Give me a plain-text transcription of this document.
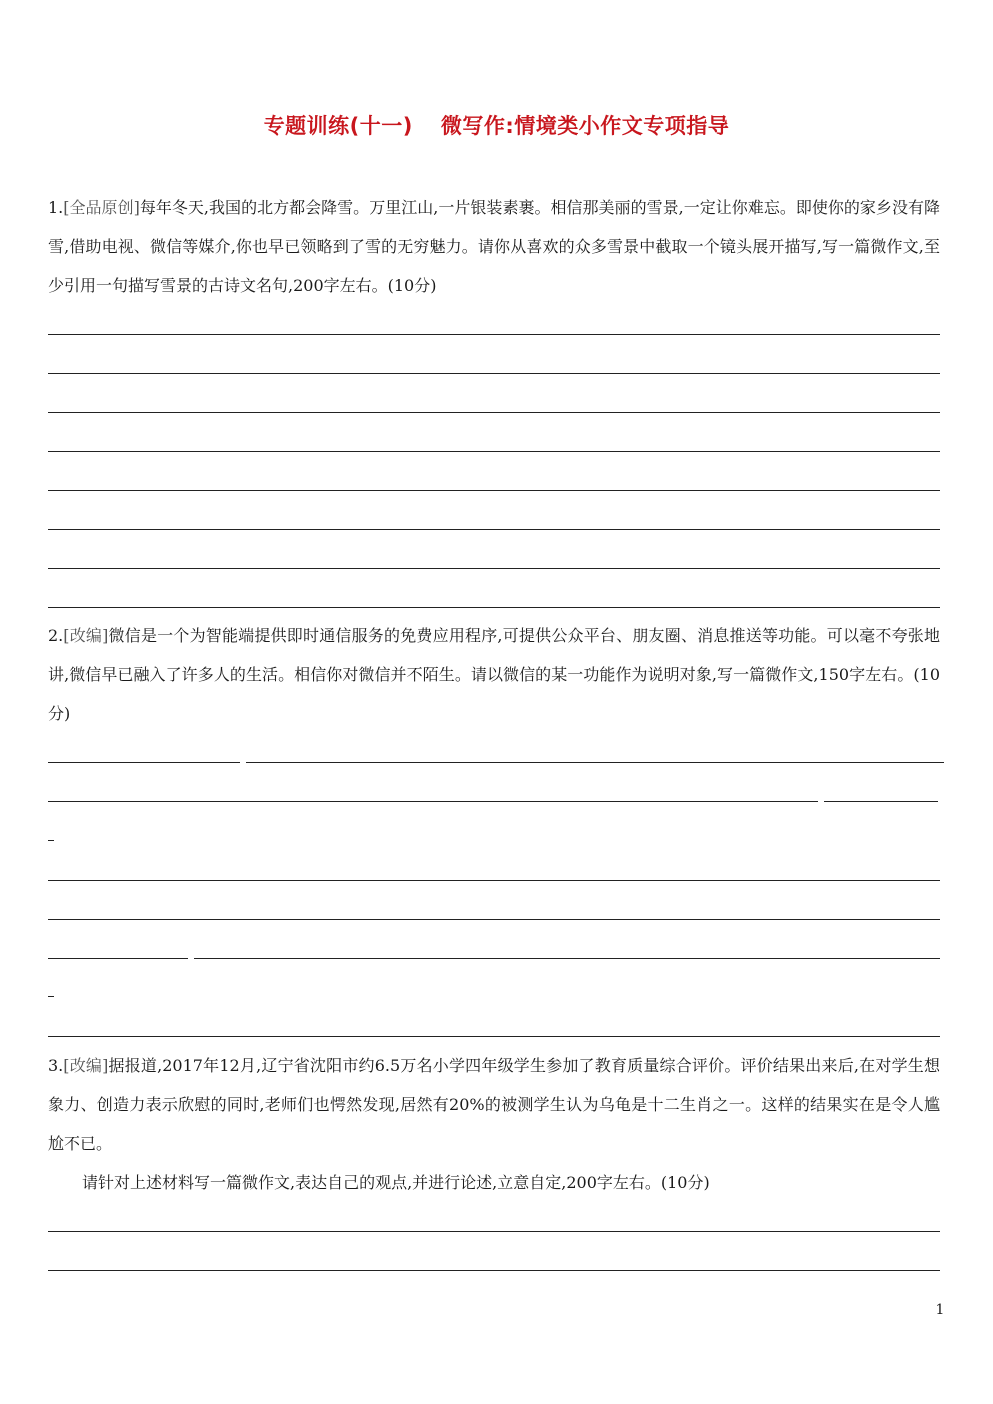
专题训练(十一) 微写作:情境类小作文专项指导
1.[全品原创]每年冬天,我国的北方都会降雪。万里江山,一片银装素裹。相信那美丽的雪景,一定让你难忘。即使你的家乡没有降雪,借助电视、微信等媒介,你也早已领略到了雪的无穷魅力。请你从喜欢的众多雪景中截取一个镜头展开描写,写一篇微作文,至少引用一句描写雪景的古诗文名句,200字左右。(10分)
2.[改编]微信是一个为智能端提供即时通信服务的免费应用程序,可提供公众平台、朋友圈、消息推送等功能。可以毫不夸张地讲,微信早已融入了许多人的生活。相信你对微信并不陌生。请以微信的某一功能作为说明对象,写一篇微作文,150字左右。(10分)
3.[改编]据报道,2017年12月,辽宁省沈阳市约6.5万名小学四年级学生参加了教育质量综合评价。评价结果出来后,在对学生想象力、创造力表示欣慰的同时,老师们也愕然发现,居然有20%的被测学生认为乌龟是十二生肖之一。这样的结果实在是令人尴尬不已。
请针对上述材料写一篇微作文,表达自己的观点,并进行论述,立意自定,200字左右。(10分)
1
